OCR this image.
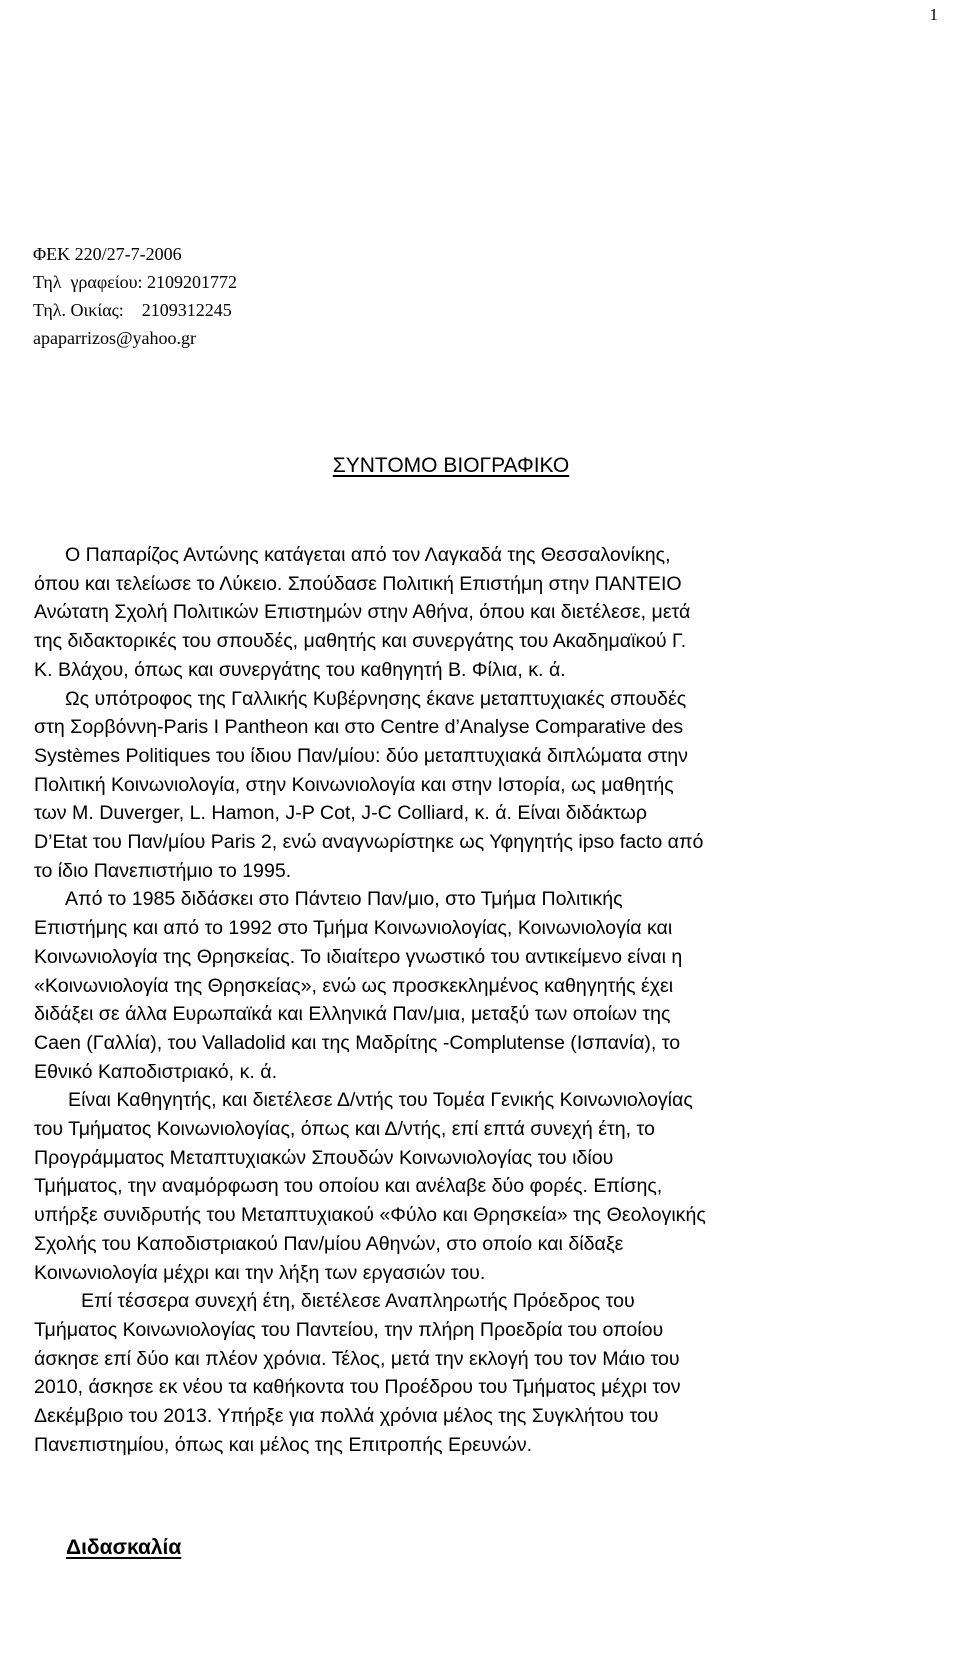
1
ΦΕΚ 220/27-7-2006
Τηλ  γραφείου: 2109201772
Τηλ. Οικίας:    2109312245
apaparrizos@yahoo.gr
ΣΥΝΤΟΜΟ ΒΙΟΓΡΑΦΙΚΟ
Ο Παπαρίζος Αντώνης κατάγεται από τον Λαγκαδά της Θεσσαλονίκης,
όπου και τελείωσε το Λύκειο. Σπούδασε Πολιτική Επιστήμη στην ΠΑΝΤΕΙΟ
Ανώτατη Σχολή Πολιτικών Επιστημών στην Αθήνα, όπου και διετέλεσε, μετά
της διδακτορικές του σπουδές, μαθητής και συνεργάτης του Ακαδημαϊκού Γ.
Κ. Βλάχου, όπως και συνεργάτης του καθηγητή Β. Φίλια, κ. ά.
Ως υπότροφος της Γαλλικής Κυβέρνησης έκανε μεταπτυχιακές σπουδές
στη Σορβόννη-Paris I Pantheon και στο Centre d’Analyse Comparative des
Systèmes Politiques του ίδιου Παν/μίου: δύο μεταπτυχιακά διπλώματα στην
Πολιτική Κοινωνιολογία, στην Κοινωνιολογία και στην Ιστορία, ως μαθητής
των M. Duverger, L. Hamon, J-P Cot, J-C Colliard, κ. ά. Είναι διδάκτωρ
D’Etat του Παν/μίου Paris 2, ενώ αναγνωρίστηκε ως Υφηγητής ipso facto από
το ίδιο Πανεπιστήμιο το 1995.
Από το 1985 διδάσκει στο Πάντειο Παν/μιο, στο Τμήμα Πολιτικής
Επιστήμης και από το 1992 στο Τμήμα Κοινωνιολογίας, Κοινωνιολογία και
Κοινωνιολογία της Θρησκείας. Το ιδιαίτερο γνωστικό του αντικείμενο είναι η
«Κοινωνιολογία της Θρησκείας», ενώ ως προσκεκλημένος καθηγητής έχει
διδάξει σε άλλα Ευρωπαϊκά και Ελληνικά Παν/μια, μεταξύ των οποίων της
Caen (Γαλλία), του Valladolid και της Μαδρίτης -Complutense (Ισπανία), το
Εθνικό Καποδιστριακό, κ. ά.
Είναι Καθηγητής, και διετέλεσε Δ/ντής του Τομέα Γενικής Κοινωνιολογίας
του Τμήματος Κοινωνιολογίας, όπως και Δ/ντής, επί επτά συνεχή έτη, το
Προγράμματος Μεταπτυχιακών Σπουδών Κοινωνιολογίας του ιδίου
Τμήματος, την αναμόρφωση του οποίου και ανέλαβε δύο φορές. Επίσης,
υπήρξε συνιδρυτής του Μεταπτυχιακού «Φύλο και Θρησκεία» της Θεολογικής
Σχολής του Καποδιστριακού Παν/μίου Αθηνών, στο οποίο και δίδαξε
Κοινωνιολογία μέχρι και την λήξη των εργασιών του.
Επί τέσσερα συνεχή έτη, διετέλεσε Αναπληρωτής Πρόεδρος του
Τμήματος Κοινωνιολογίας του Παντείου, την πλήρη Προεδρία του οποίου
άσκησε επί δύο και πλέον χρόνια. Τέλος, μετά την εκλογή του τον Μάιο του
2010, άσκησε εκ νέου τα καθήκοντα του Προέδρου του Τμήματος μέχρι τον
Δεκέμβριο του 2013. Υπήρξε για πολλά χρόνια μέλος της Συγκλήτου του
Πανεπιστημίου, όπως και μέλος της Επιτροπής Ερευνών.
Διδασκαλία
